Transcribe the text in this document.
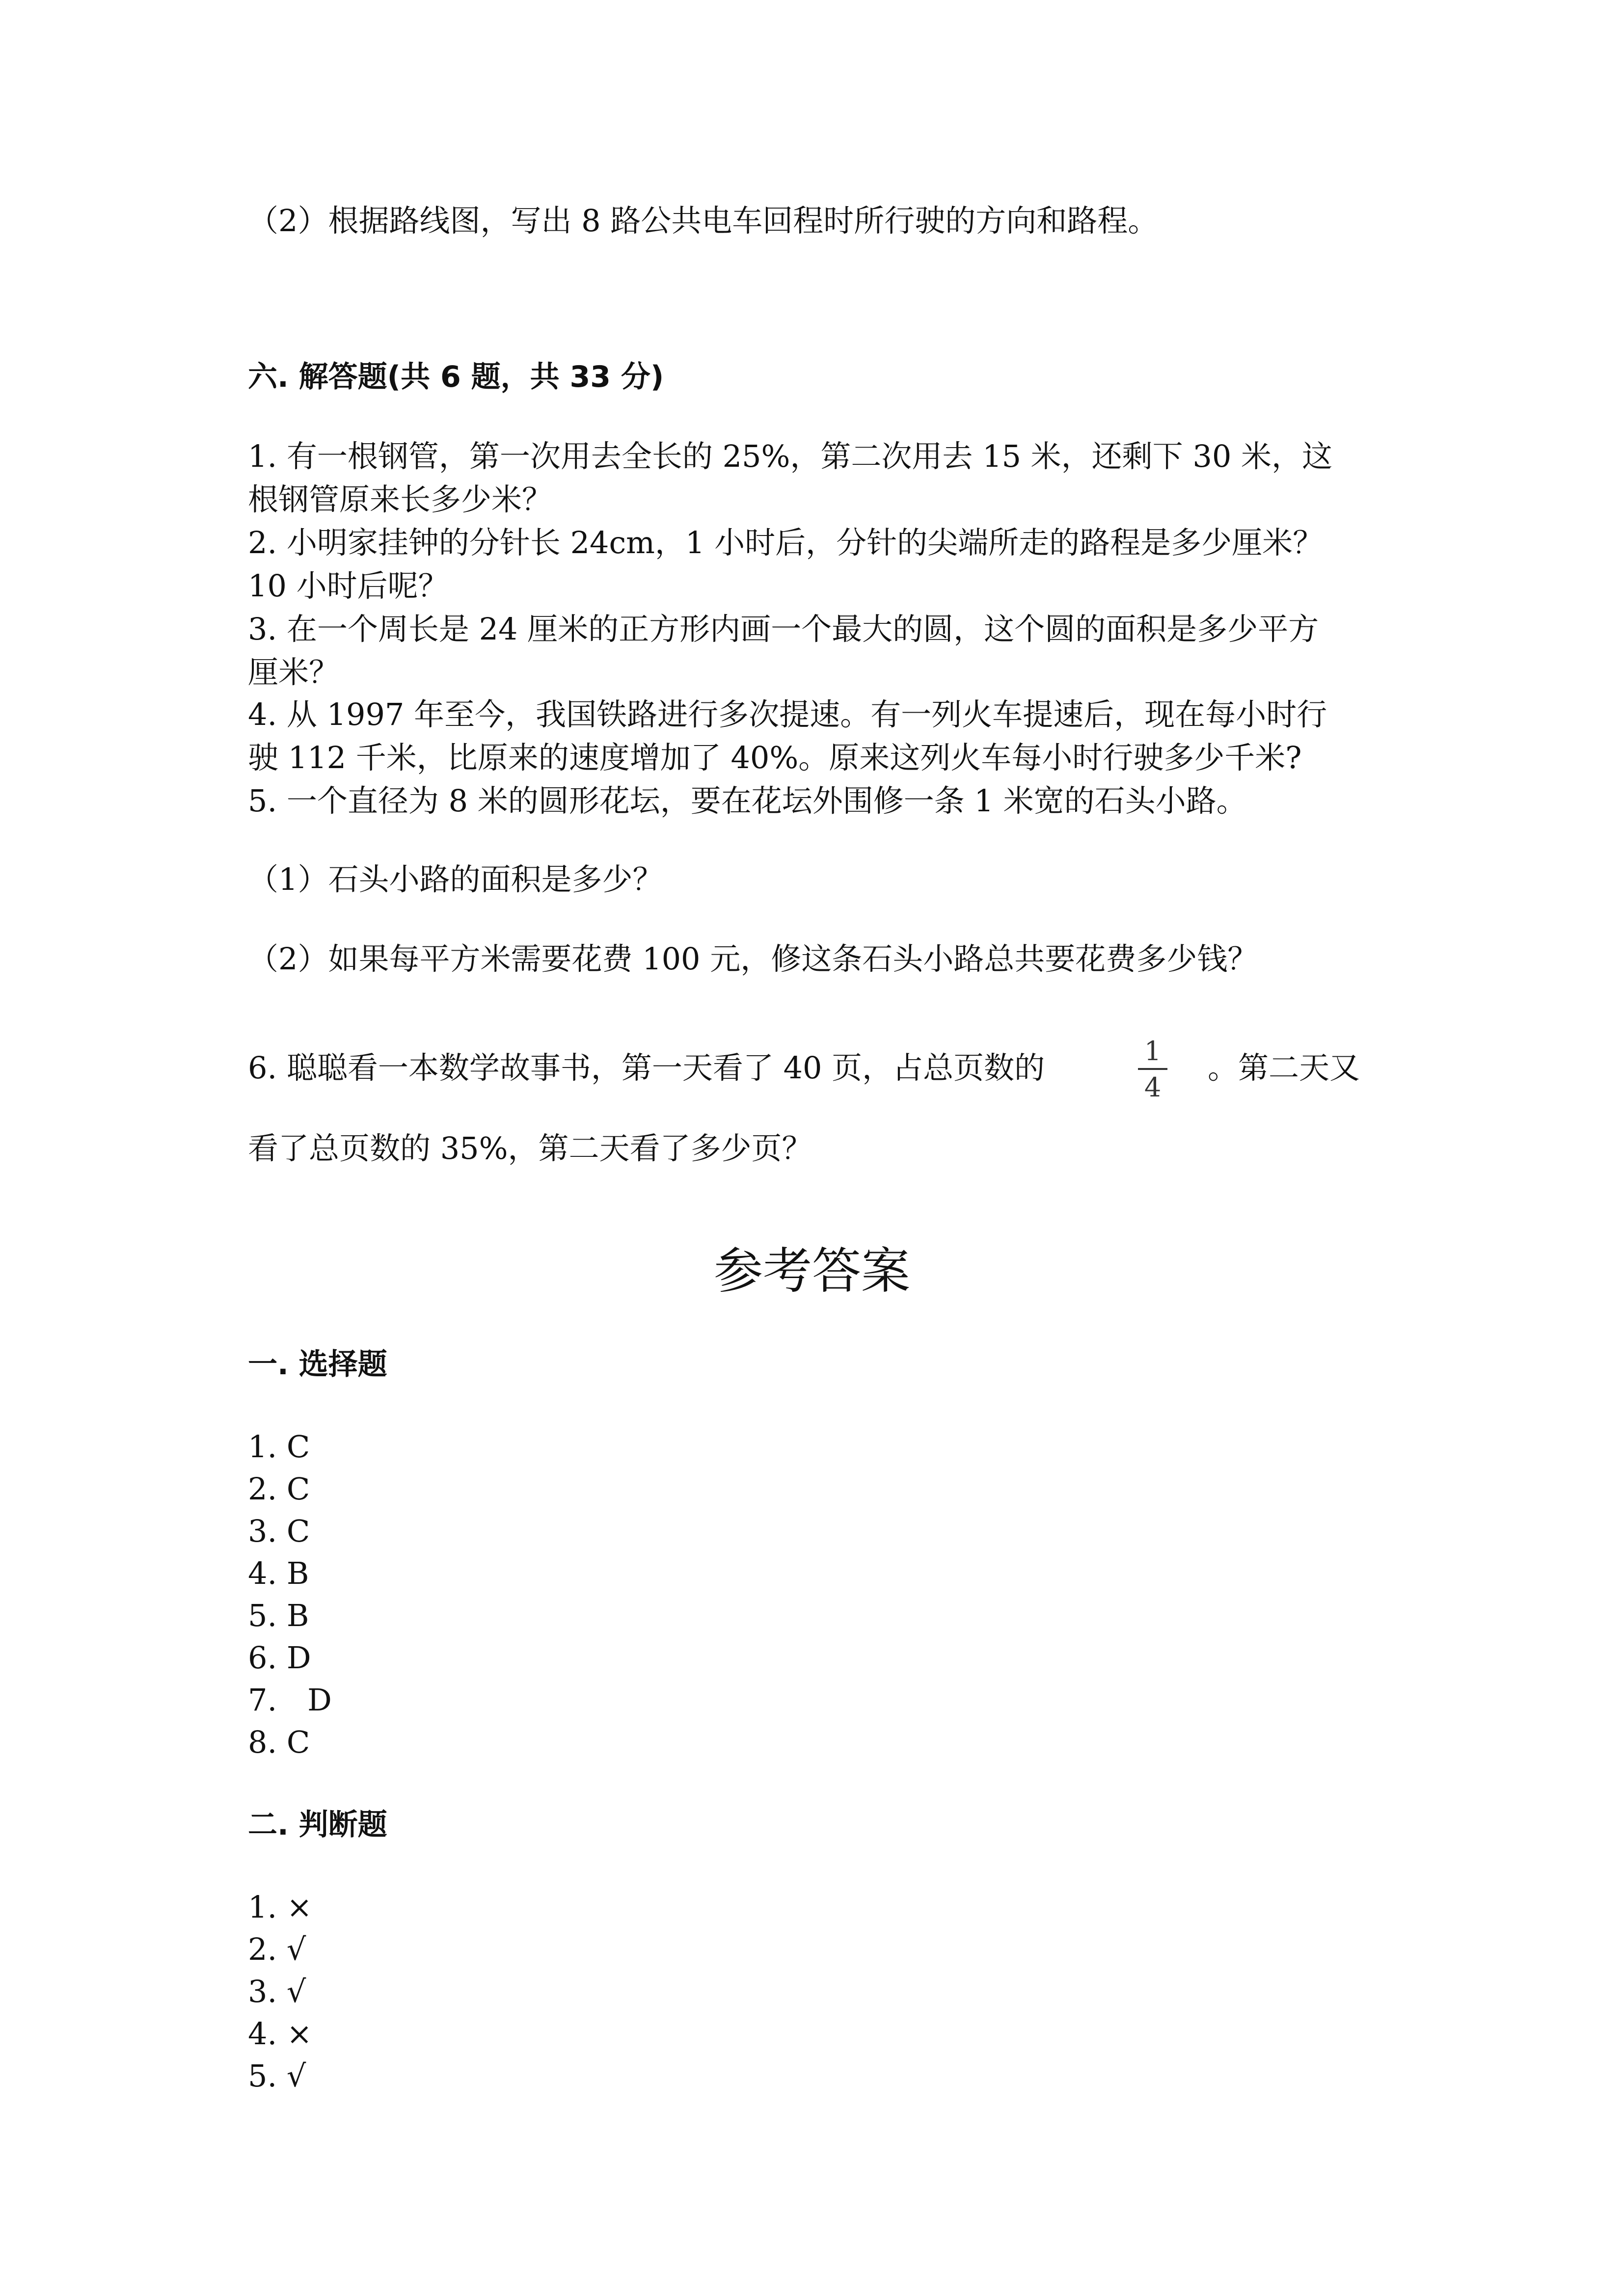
（2）根据路线图，写出 8 路公共电车回程时所行驶的方向和路程。
六. 解答题(共 6 题，共 33 分)
1. 有一根钢管，第一次用去全长的 25%，第二次用去 15 米，还剩下 30 米，这
根钢管原来长多少米？
2. 小明家挂钟的分针长 24cm，1 小时后，分针的尖端所走的路程是多少厘米？
10 小时后呢？
3. 在一个周长是 24 厘米的正方形内画一个最大的圆，这个圆的面积是多少平方
厘米？
4. 从 1997 年至今，我国铁路进行多次提速。有一列火车提速后，现在每小时行
驶 112 千米，比原来的速度增加了 40%。原来这列火车每小时行驶多少千米?
5. 一个直径为 8 米的圆形花坛，要在花坛外围修一条 1 米宽的石头小路。
（1）石头小路的面积是多少？
（2）如果每平方米需要花费 100 元，修这条石头小路总共要花费多少钱？
6. 聪聪看一本数学故事书，第一天看了 40 页，占总页数的	1
4
。第二天又
看了总页数的 35%，第二天看了多少页？
参考答案
一. 选择题
1. C
2. C
3. C
4. B
5. B
6. D
7.　D
8. C
二. 判断题
1. ×
2. √
3. √
4. ×
5. √
